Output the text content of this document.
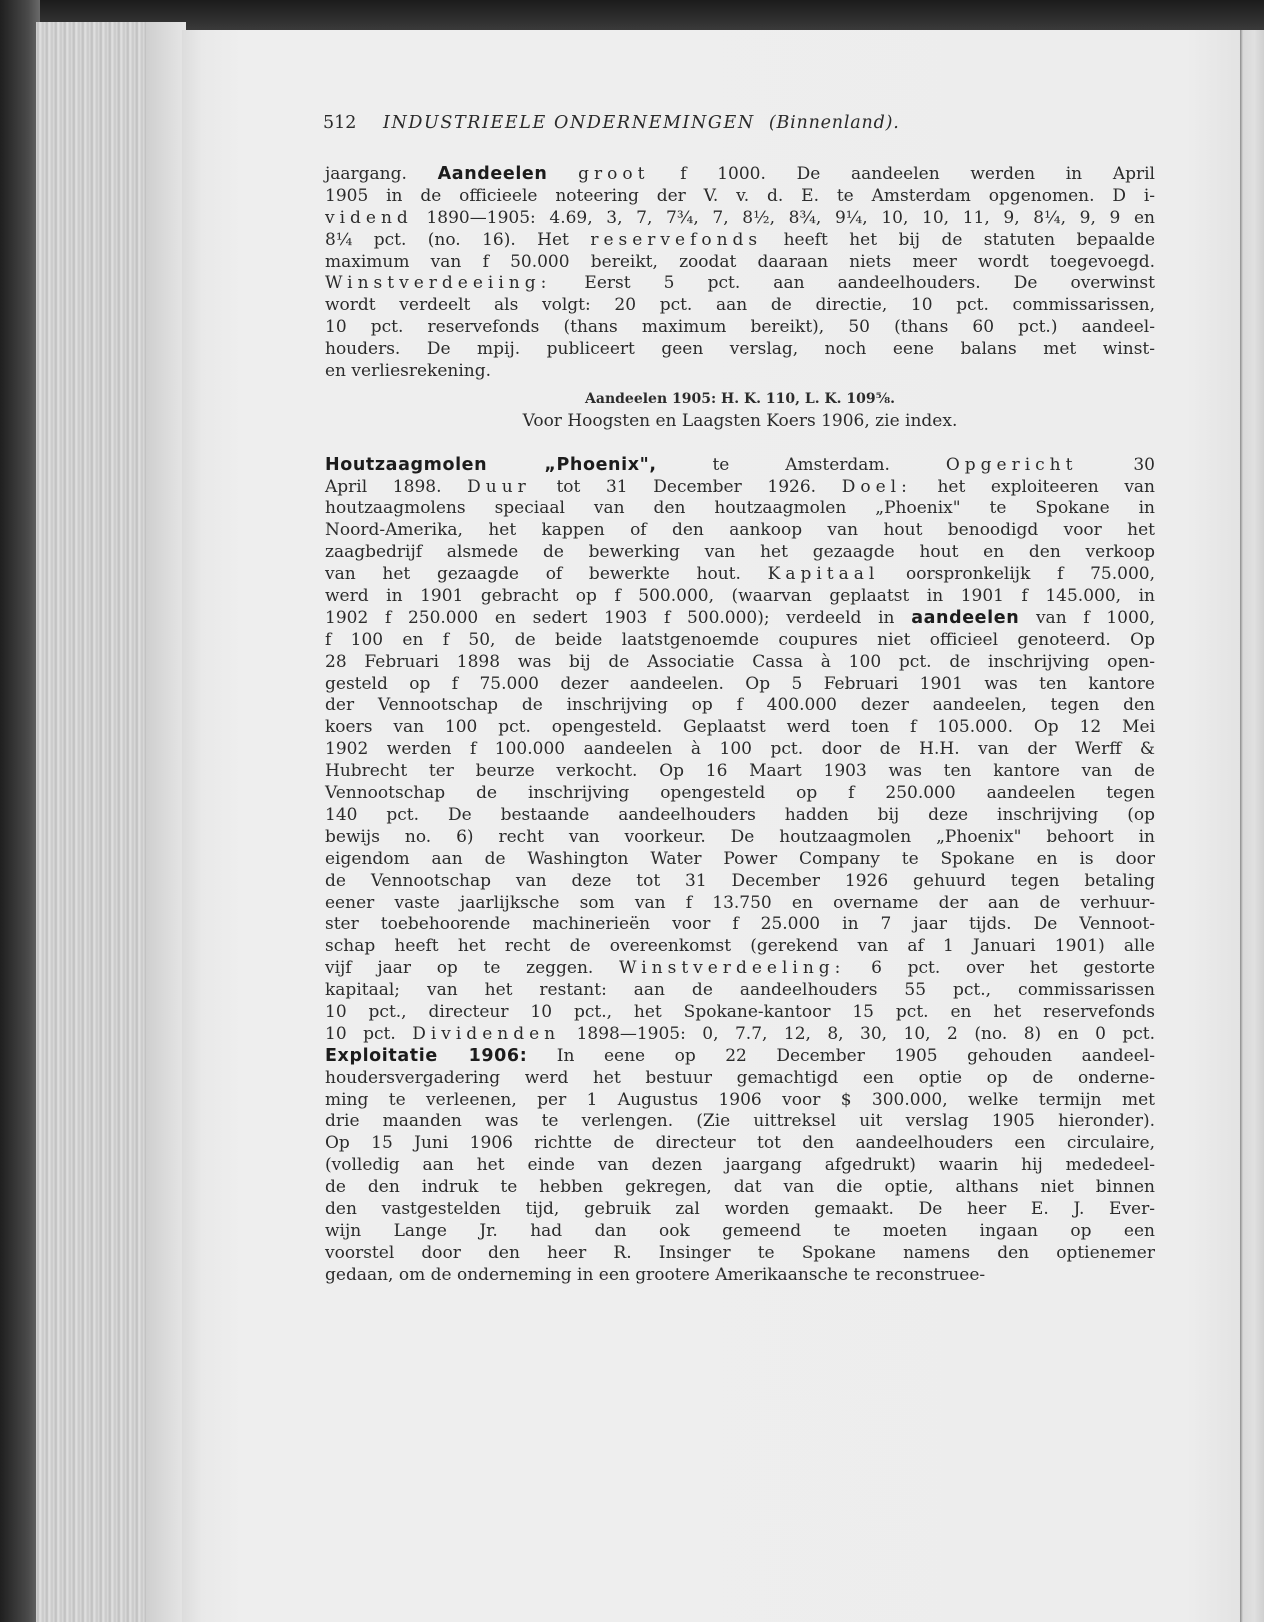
512 INDUSTRIEELE ONDERNEMINGEN (Binnenland).
jaargang. Aandeelen groot f 1000. De aandeelen werden in April
1905 in de officieele noteering der V. v. d. E. te Amsterdam opgenomen. D i-
vidend 1890—1905: 4.69, 3, 7, 7¾, 7, 8½, 8¾, 9¼, 10, 10, 11, 9, 8¼, 9, 9 en
8¼ pct. (no. 16). Het reservefonds heeft het bij de statuten bepaalde
maximum van f 50.000 bereikt, zoodat daaraan niets meer wordt toegevoegd.
Winstverdeeiing: Eerst 5 pct. aan aandeelhouders. De overwinst
wordt verdeelt als volgt: 20 pct. aan de directie, 10 pct. commissarissen,
10 pct. reservefonds (thans maximum bereikt), 50 (thans 60 pct.) aandeel-
houders. De mpij. publiceert geen verslag, noch eene balans met winst-
en verliesrekening.
Aandeelen 1905: H. K. 110, L. K. 109⅝.
Voor Hoogsten en Laagsten Koers 1906, zie index.
Houtzaagmolen „Phoenix", te Amsterdam. Opgericht 30
April 1898. Duur tot 31 December 1926. Doel: het exploiteeren van
houtzaagmolens speciaal van den houtzaagmolen „Phoenix" te Spokane in
Noord-Amerika, het kappen of den aankoop van hout benoodigd voor het
zaagbedrijf alsmede de bewerking van het gezaagde hout en den verkoop
van het gezaagde of bewerkte hout. Kapitaal oorspronkelijk f 75.000,
werd in 1901 gebracht op f 500.000, (waarvan geplaatst in 1901 f 145.000, in
1902 f 250.000 en sedert 1903 f 500.000); verdeeld in aandeelen van f 1000,
f 100 en f 50, de beide laatstgenoemde coupures niet officieel genoteerd. Op
28 Februari 1898 was bij de Associatie Cassa à 100 pct. de inschrijving open-
gesteld op f 75.000 dezer aandeelen. Op 5 Februari 1901 was ten kantore
der Vennootschap de inschrijving op f 400.000 dezer aandeelen, tegen den
koers van 100 pct. opengesteld. Geplaatst werd toen f 105.000. Op 12 Mei
1902 werden f 100.000 aandeelen à 100 pct. door de H.H. van der Werff &
Hubrecht ter beurze verkocht. Op 16 Maart 1903 was ten kantore van de
Vennootschap de inschrijving opengesteld op f 250.000 aandeelen tegen
140 pct. De bestaande aandeelhouders hadden bij deze inschrijving (op
bewijs no. 6) recht van voorkeur. De houtzaagmolen „Phoenix" behoort in
eigendom aan de Washington Water Power Company te Spokane en is door
de Vennootschap van deze tot 31 December 1926 gehuurd tegen betaling
eener vaste jaarlijksche som van f 13.750 en overname der aan de verhuur-
ster toebehoorende machinerieën voor f 25.000 in 7 jaar tijds. De Vennoot-
schap heeft het recht de overeenkomst (gerekend van af 1 Januari 1901) alle
vijf jaar op te zeggen. Winstverdeeling: 6 pct. over het gestorte
kapitaal; van het restant: aan de aandeelhouders 55 pct., commissarissen
10 pct., directeur 10 pct., het Spokane-kantoor 15 pct. en het reservefonds
10 pct. Dividenden 1898—1905: 0, 7.7, 12, 8, 30, 10, 2 (no. 8) en 0 pct.
Exploitatie 1906: In eene op 22 December 1905 gehouden aandeel-
houdersvergadering werd het bestuur gemachtigd een optie op de onderne-
ming te verleenen, per 1 Augustus 1906 voor $ 300.000, welke termijn met
drie maanden was te verlengen. (Zie uittreksel uit verslag 1905 hieronder).
Op 15 Juni 1906 richtte de directeur tot den aandeelhouders een circulaire,
(volledig aan het einde van dezen jaargang afgedrukt) waarin hij mededeel-
de den indruk te hebben gekregen, dat van die optie, althans niet binnen
den vastgestelden tijd, gebruik zal worden gemaakt. De heer E. J. Ever-
wijn Lange Jr. had dan ook gemeend te moeten ingaan op een
voorstel door den heer R. Insinger te Spokane namens den optienemer
gedaan, om de onderneming in een grootere Amerikaansche te reconstruee-
